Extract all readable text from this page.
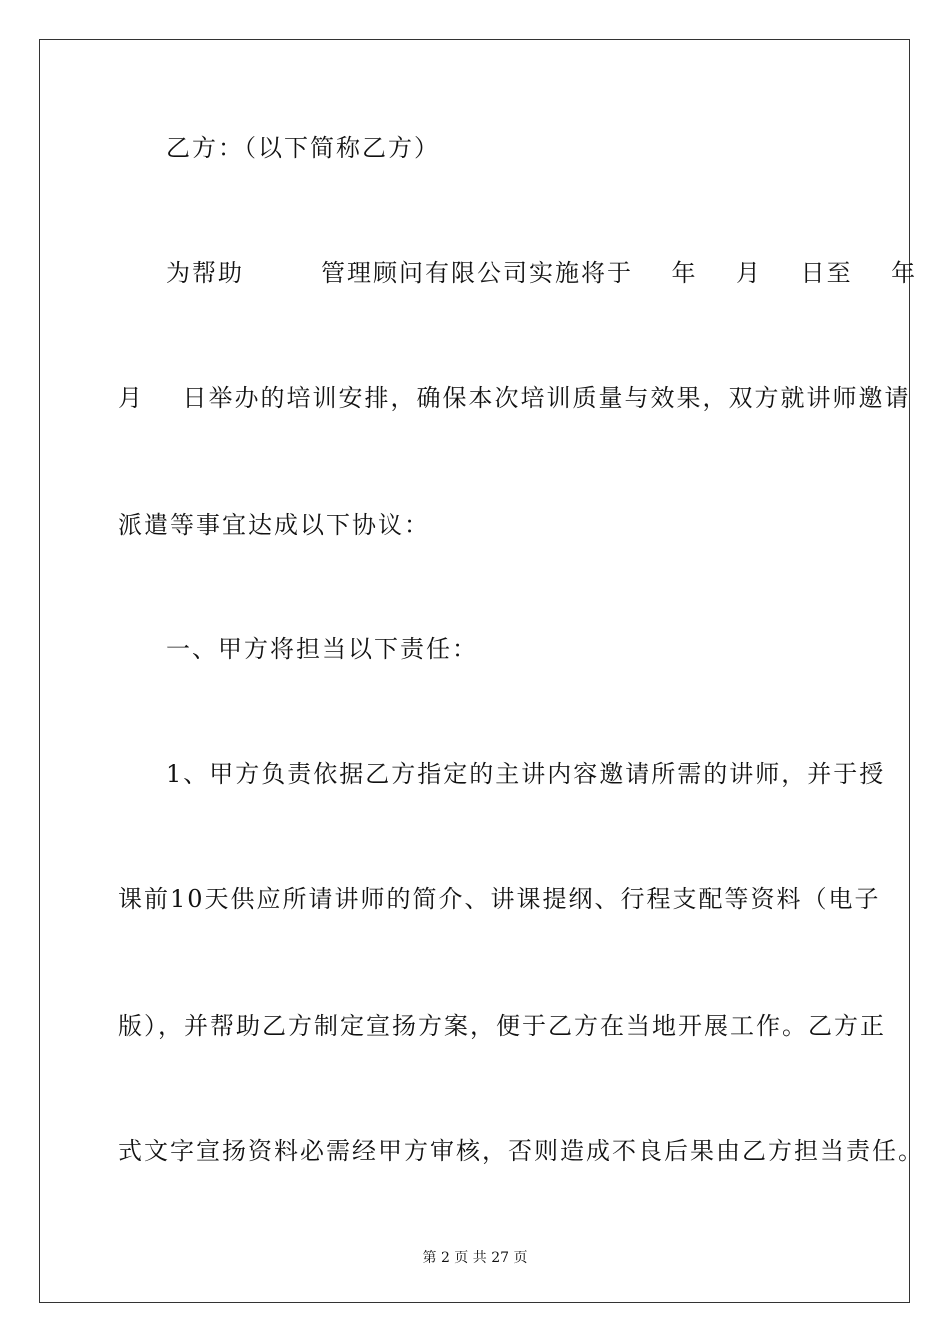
乙方：（以下简称乙方）
为帮助        管理顾问有限公司实施将于    年    月    日至    年
月    日举办的培训安排，确保本次培训质量与效果，双方就讲师邀请
派遣等事宜达成以下协议：
一、甲方将担当以下责任：
1、甲方负责依据乙方指定的主讲内容邀请所需的讲师，并于授
课前10天供应所请讲师的简介、讲课提纲、行程支配等资料（电子
版），并帮助乙方制定宣扬方案，便于乙方在当地开展工作。乙方正
式文字宣扬资料必需经甲方审核，否则造成不良后果由乙方担当责任。
第 2 页 共 27 页
